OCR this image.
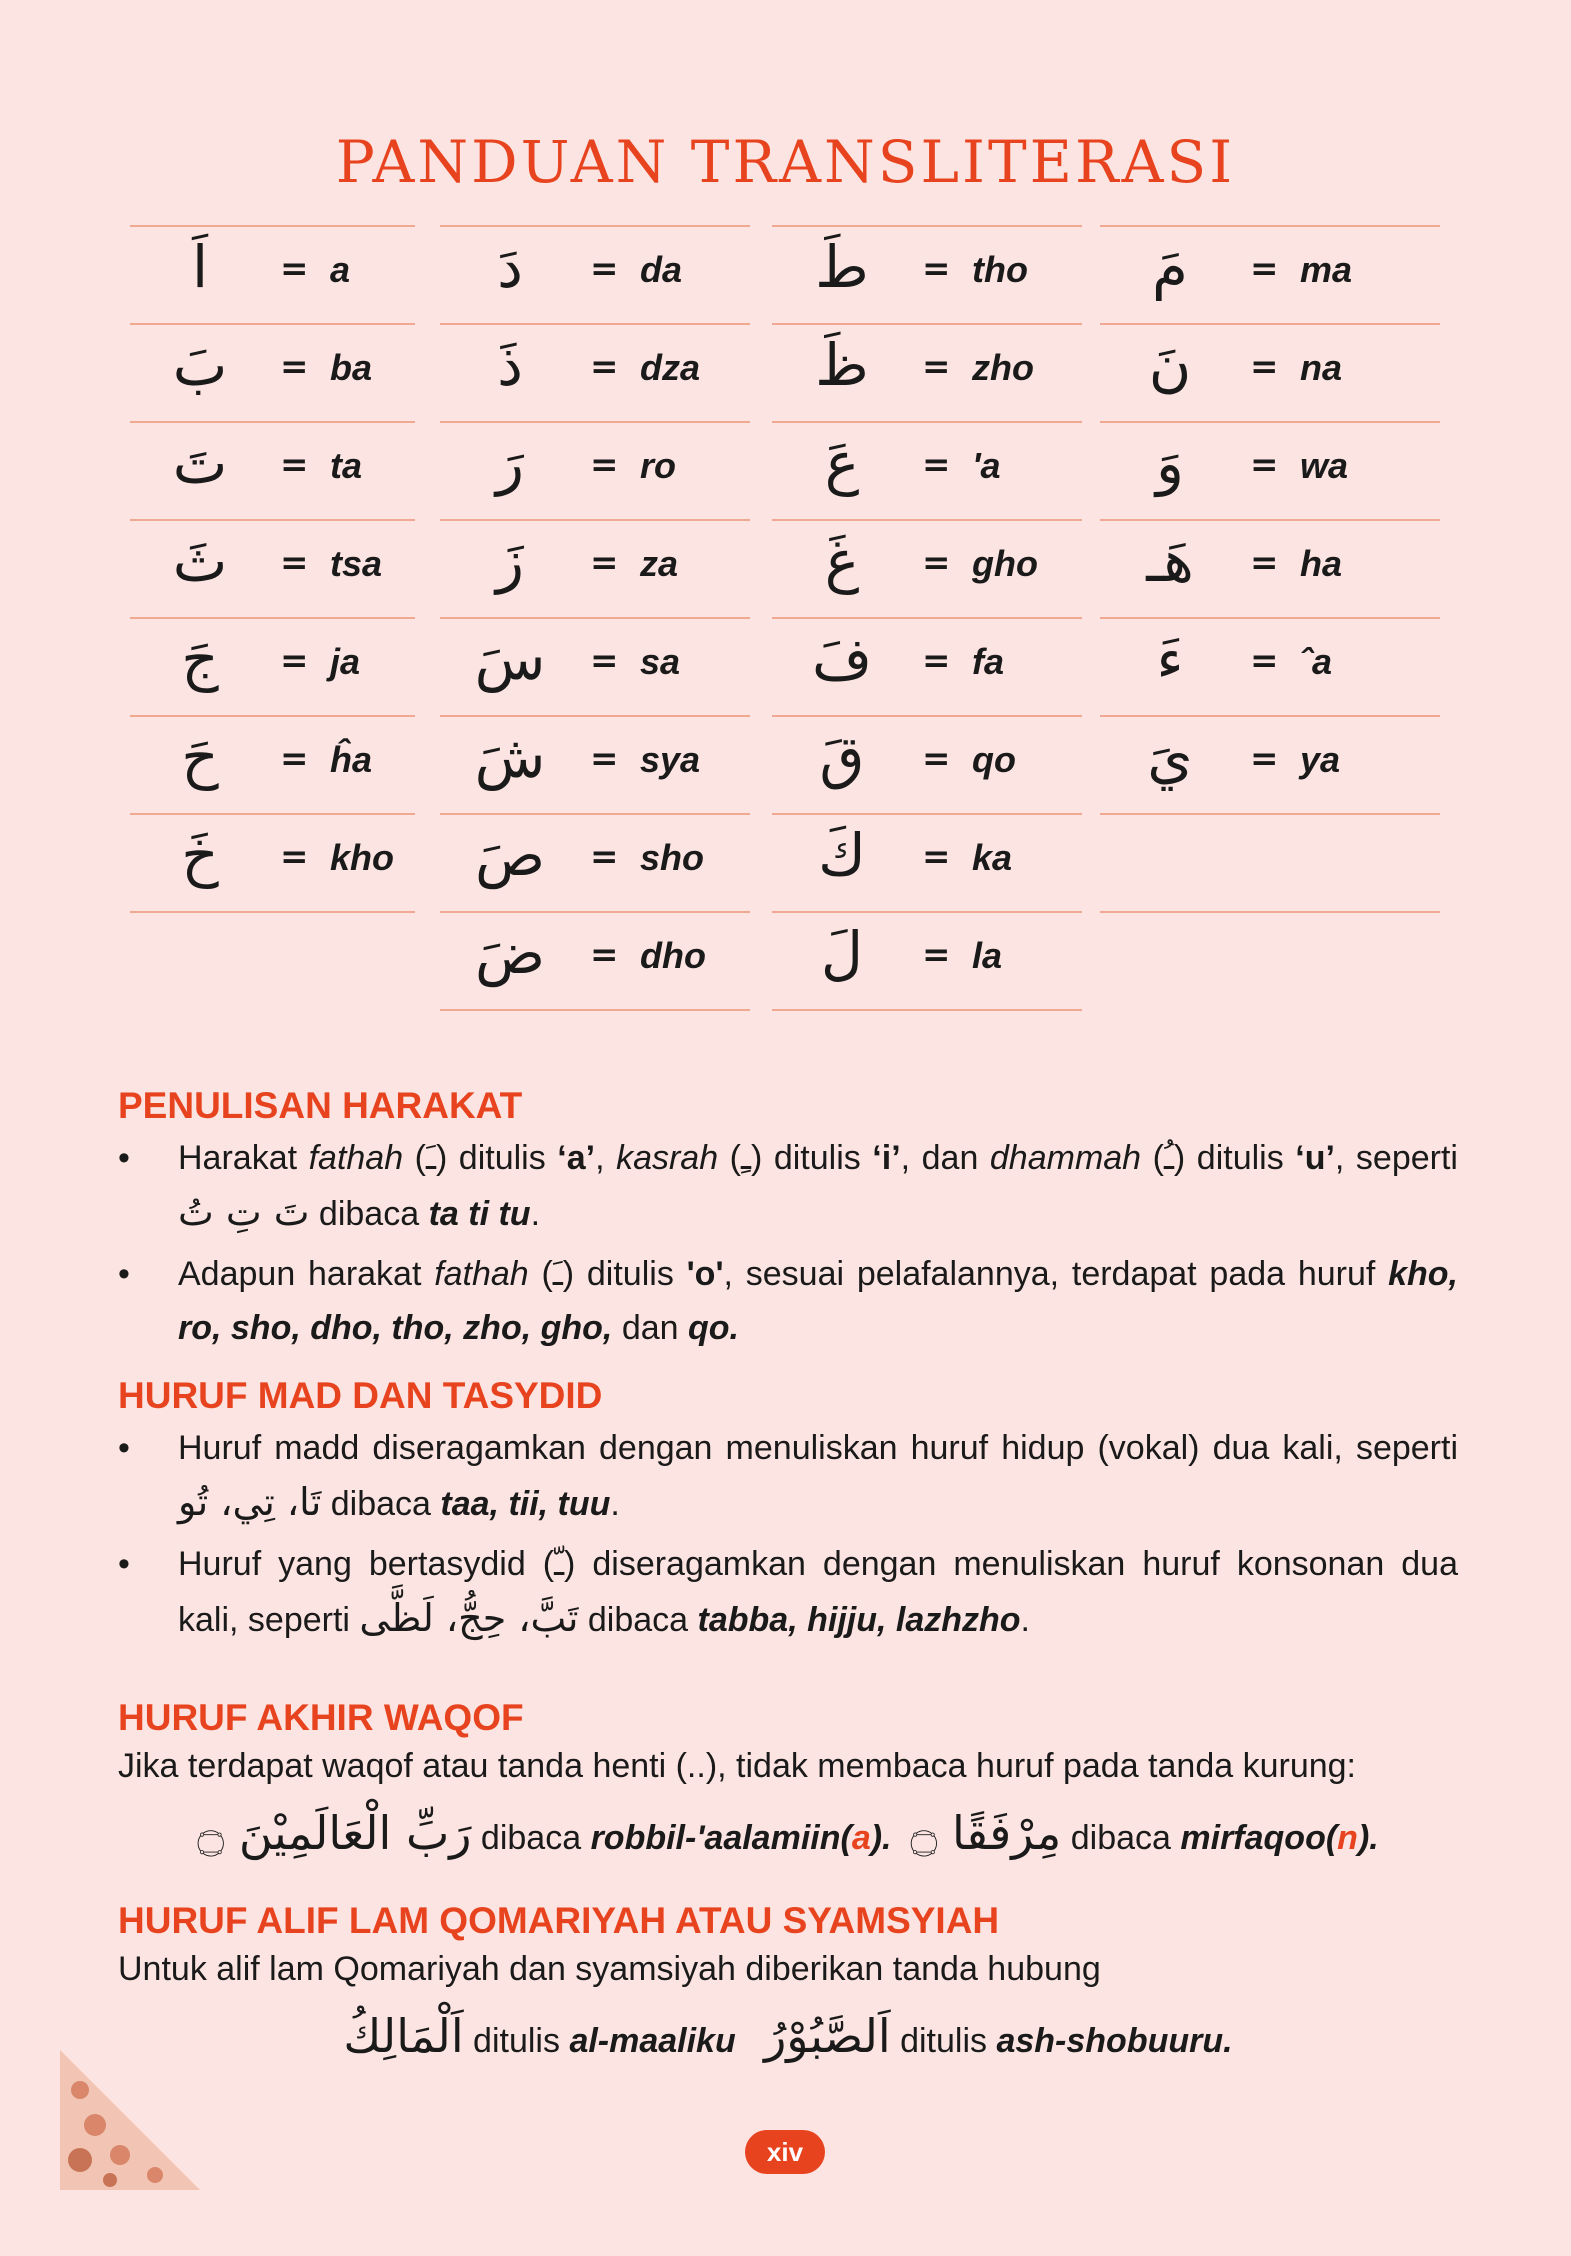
PANDUAN TRANSLITERASI
اَ	= a
بَ	= ba
تَ	= ta
ثَ	= tsa
جَ	= ja
حَ	= ĥa
خَ	= kho
دَ	= da
ذَ	= dza
رَ	= ro
زَ	= za
سَ	= sa
شَ	= sya
صَ	= sho
ضَ	= dho
طَ	= tho
ظَ	= zho
عَ	= 'a
غَ	= gho
فَ	= fa
قَ	= qo
كَ	= ka
لَ	= la
مَ	= ma
نَ	= na
وَ	= wa
هَـ	= ha
ءَ	= ˆa
يَ	= ya

PENULISAN HARAKAT

• Harakat fathah (ـَ) ditulis ‘a’, kasrah (ـِ) ditulis ‘i’, dan dhammah (ـُ) ditulis ‘u’, seperti تَ تِ تُ dibaca ta ti tu.
• Adapun harakat fathah (ـَ) ditulis 'o', sesuai pelafalannya, terdapat pada huruf kho, ro, sho, dho, tho, zho, gho, dan qo.

HURUF MAD DAN TASYDID

• Huruf madd diseragamkan dengan menuliskan huruf hidup (vokal) dua kali, seperti تَا، تِي، تُو dibaca taa, tii, tuu.
• Huruf yang bertasydid (ـّ) diseragamkan dengan menuliskan huruf konsonan dua kali, seperti تَبَّ، حِجُّ، لَظَّى dibaca tabba, hijju, lazhzho.

HURUF AKHIR WAQOF

Jika terdapat waqof atau tanda henti (..), tidak membaca huruf pada tanda kurung:

رَبِّ الْعَالَمِيْنَ ۝ dibaca robbil-'aalamiin(a). مِرْفَقًا ۝ dibaca mirfaqoo(n).

HURUF ALIF LAM QOMARIYAH ATAU SYAMSYIAH

Untuk alif lam Qomariyah dan syamsiyah diberikan tanda hubung

اَلْمَالِكُ ditulis al-maaliku اَلصَّبُوْرُ ditulis ash-shobuuru.
xiv
